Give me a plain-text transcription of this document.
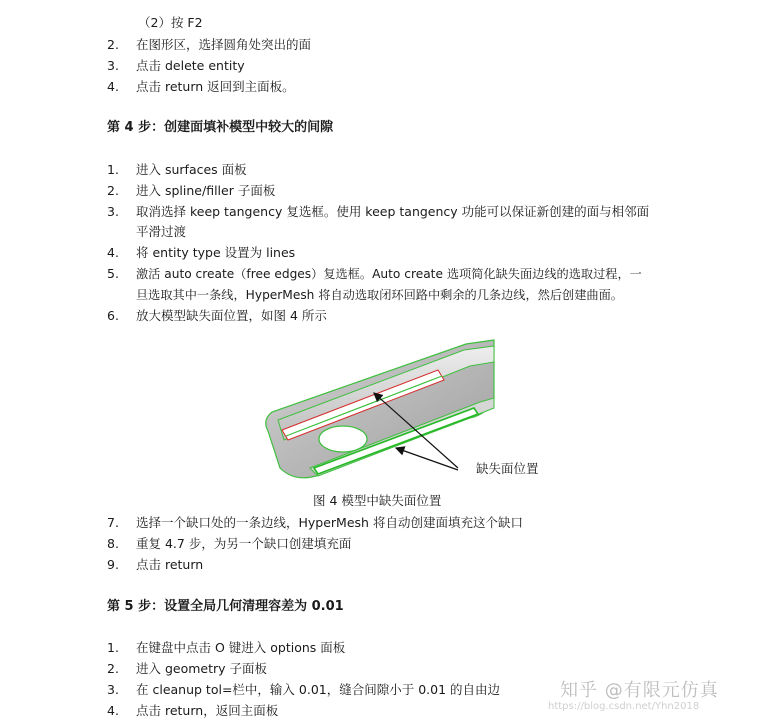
（2）按 F2
2. 在图形区，选择圆角处突出的面
3. 点击 delete entity
4. 点击 return 返回到主面板。
第 4 步：创建面填补模型中较大的间隙
1. 进入 surfaces 面板
2. 进入 spline/filler 子面板
3. 取消选择 keep tangency 复选框。使用 keep tangency 功能可以保证新创建的面与相邻面
平滑过渡
4. 将 entity type 设置为 lines
5. 激活 auto create（free edges）复选框。Auto create 选项简化缺失面边线的选取过程，一
旦选取其中一条线，HyperMesh 将自动选取闭环回路中剩余的几条边线，然后创建曲面。
6. 放大模型缺失面位置，如图 4 所示
缺失面位置
图 4 模型中缺失面位置
7. 选择一个缺口处的一条边线，HyperMesh 将自动创建面填充这个缺口
8. 重复 4.7 步，为另一个缺口创建填充面
9. 点击 return
第 5 步：设置全局几何清理容差为 0.01
1. 在键盘中点击 O 键进入 options 面板
2. 进入 geometry 子面板
3. 在 cleanup tol=栏中，输入 0.01，缝合间隙小于 0.01 的自由边
4. 点击 return，返回主面板
知乎 @有限元仿真
https://blog.csdn.net/Yhn2018
